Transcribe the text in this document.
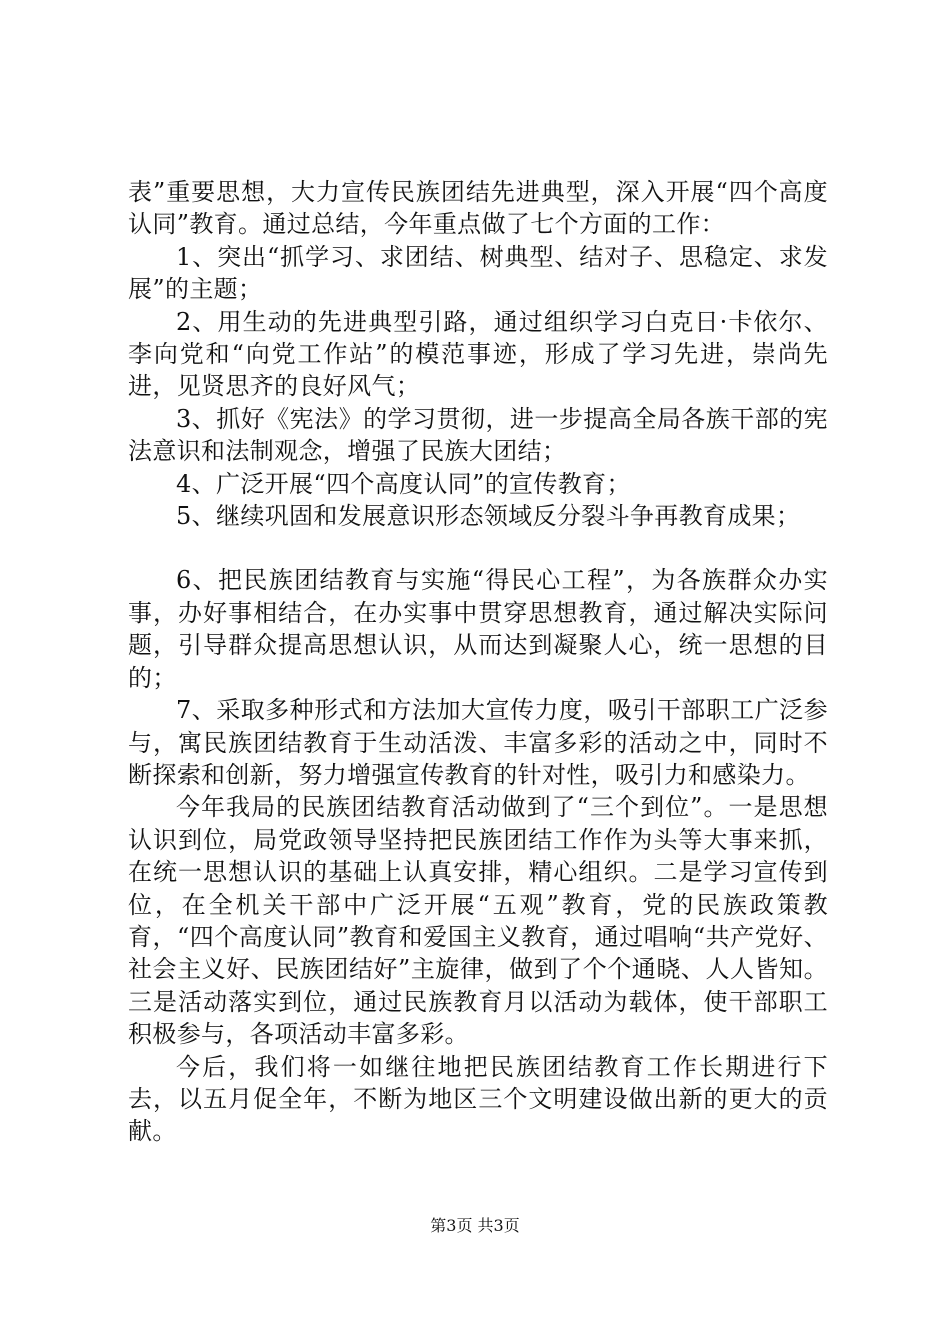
表”重要思想，大力宣传民族团结先进典型，深入开展“四个高度认同”教育。通过总结，今年重点做了七个方面的工作：

1、突出“抓学习、求团结、树典型、结对子、思稳定、求发展”的主题；

2、用生动的先进典型引路，通过组织学习白克日·卡依尔、李向党和“向党工作站”的模范事迹，形成了学习先进，崇尚先进，见贤思齐的良好风气；

3、抓好《宪法》的学习贯彻，进一步提高全局各族干部的宪法意识和法制观念，增强了民族大团结；

4、广泛开展“四个高度认同”的宣传教育；

5、继续巩固和发展意识形态领域反分裂斗争再教育成果；

6、把民族团结教育与实施“得民心工程”，为各族群众办实事，办好事相结合，在办实事中贯穿思想教育，通过解决实际问题，引导群众提高思想认识，从而达到凝聚人心，统一思想的目的；

7、采取多种形式和方法加大宣传力度，吸引干部职工广泛参与，寓民族团结教育于生动活泼、丰富多彩的活动之中，同时不断探索和创新，努力增强宣传教育的针对性，吸引力和感染力。

今年我局的民族团结教育活动做到了“三个到位”。一是思想认识到位，局党政领导坚持把民族团结工作作为头等大事来抓，在统一思想认识的基础上认真安排，精心组织。二是学习宣传到位，在全机关干部中广泛开展“五观”教育，党的民族政策教育，“四个高度认同”教育和爱国主义教育，通过唱响“共产党好、社会主义好、民族团结好”主旋律，做到了个个通晓、人人皆知。三是活动落实到位，通过民族教育月以活动为载体，使干部职工积极参与，各项活动丰富多彩。

今后，我们将一如继往地把民族团结教育工作长期进行下去，以五月促全年，不断为地区三个文明建设做出新的更大的贡献。

第3页 共3页
